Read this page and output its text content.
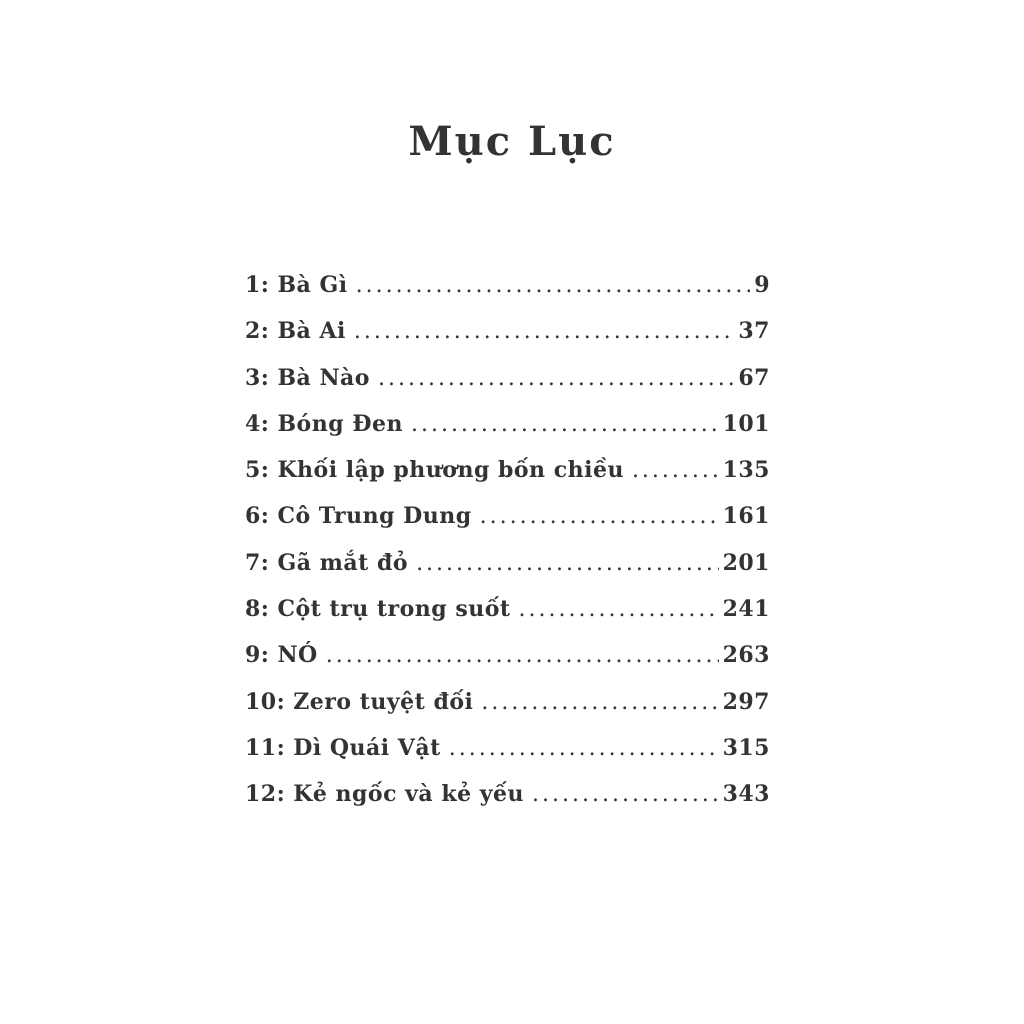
Mục Lục
1: Bà Gì .....	9
2: Bà Ai .....	37
3: Bà Nào .....	67
4: Bóng Đen .....	101
5: Khối lập phương bốn chiều .....	135
6: Cô Trung Dung .....	161
7: Gã mắt đỏ .....	201
8: Cột trụ trong suốt .....	241
9: NÓ .....	263
10: Zero tuyệt đối .....	297
11: Dì Quái Vật .....	315
12: Kẻ ngốc và kẻ yếu .....	343
